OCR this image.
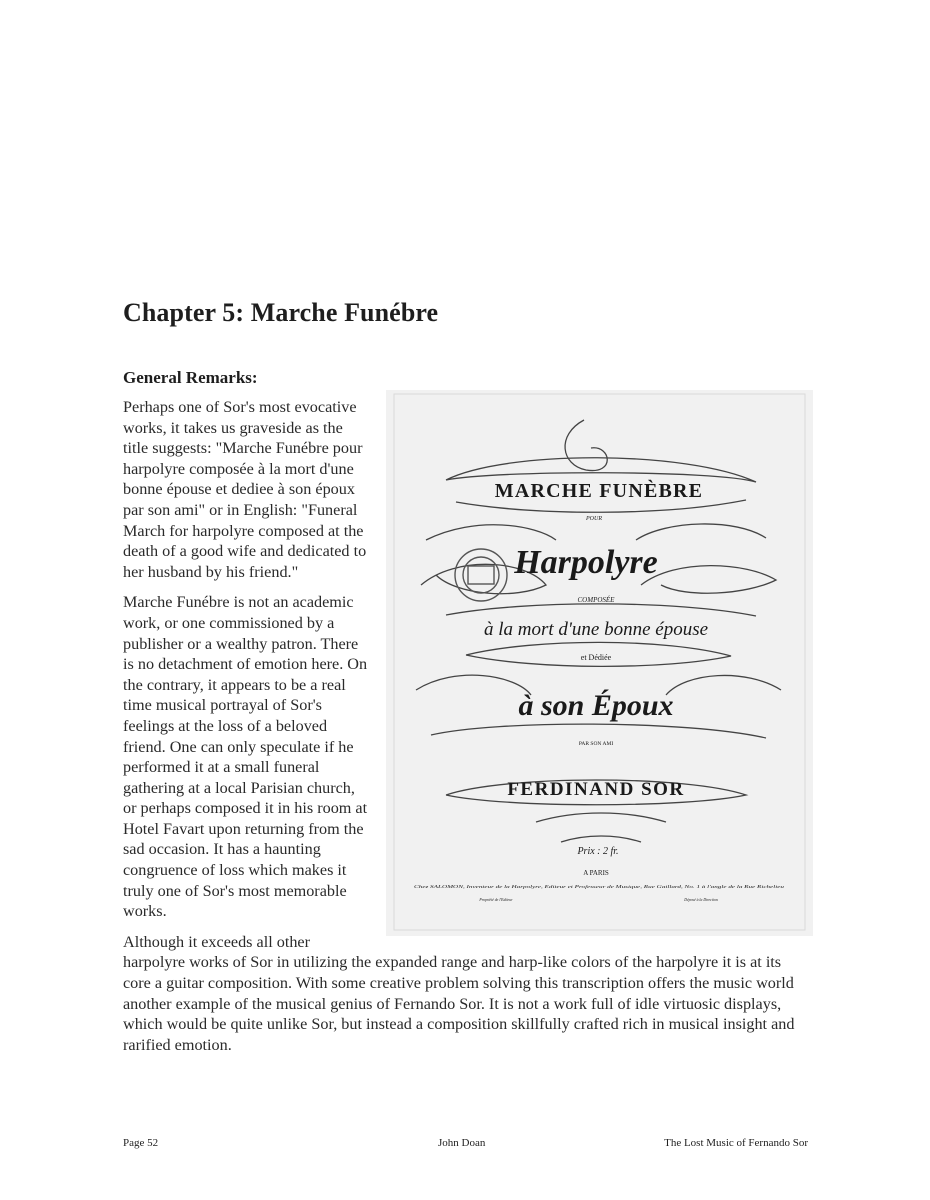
Chapter 5: Marche Funébre
General Remarks:
MARCHE FUNÈBRE
POUR
Harpolyre
COMPOSÉE
à la mort d'une bonne épouse
et Dédiée
à son Époux
PAR SON AMI
FERDINAND SOR
Prix : 2 fr.
A PARIS
Chez SALOMON, Inventeur de la Harpolyre, Editeur et Professeur de Musique, Rue Gaillard, No. 1 à l'angle de la Rue Richelieu
Propriété de l'Editeur	Déposé à la Direction

Perhaps one of Sor's most evocative works, it takes us graveside as the title suggests: "Marche Funébre pour harpolyre composée à la mort d'une bonne épouse et dediee à son époux par son ami" or in English: "Funeral March for harpolyre composed at the death of a good wife and dedicated to her husband by his friend."

Marche Funébre is not an academic work, or one commissioned by a publisher or a wealthy patron. There is no detachment of emotion here. On the contrary, it appears to be a real time musical portrayal of Sor's feelings at the loss of a beloved friend. One can only speculate if he performed it at a small funeral gathering at a local Parisian church, or perhaps composed it in his room at Hotel Favart upon returning from the sad occasion. It has a haunting congruence of loss which makes it truly one of Sor's most memorable works.

Although it exceeds all other harpolyre works of Sor in utilizing the expanded range and harp-like colors of the harpolyre it is at its core a guitar composition. With some creative problem solving this transcription offers the music world another example of the musical genius of Fernando Sor. It is not a work full of idle virtuosic displays, which would be quite unlike Sor, but instead a composition skillfully crafted rich in musical insight and rarified emotion.

Page 52	John Doan	The Lost Music of Fernando Sor
